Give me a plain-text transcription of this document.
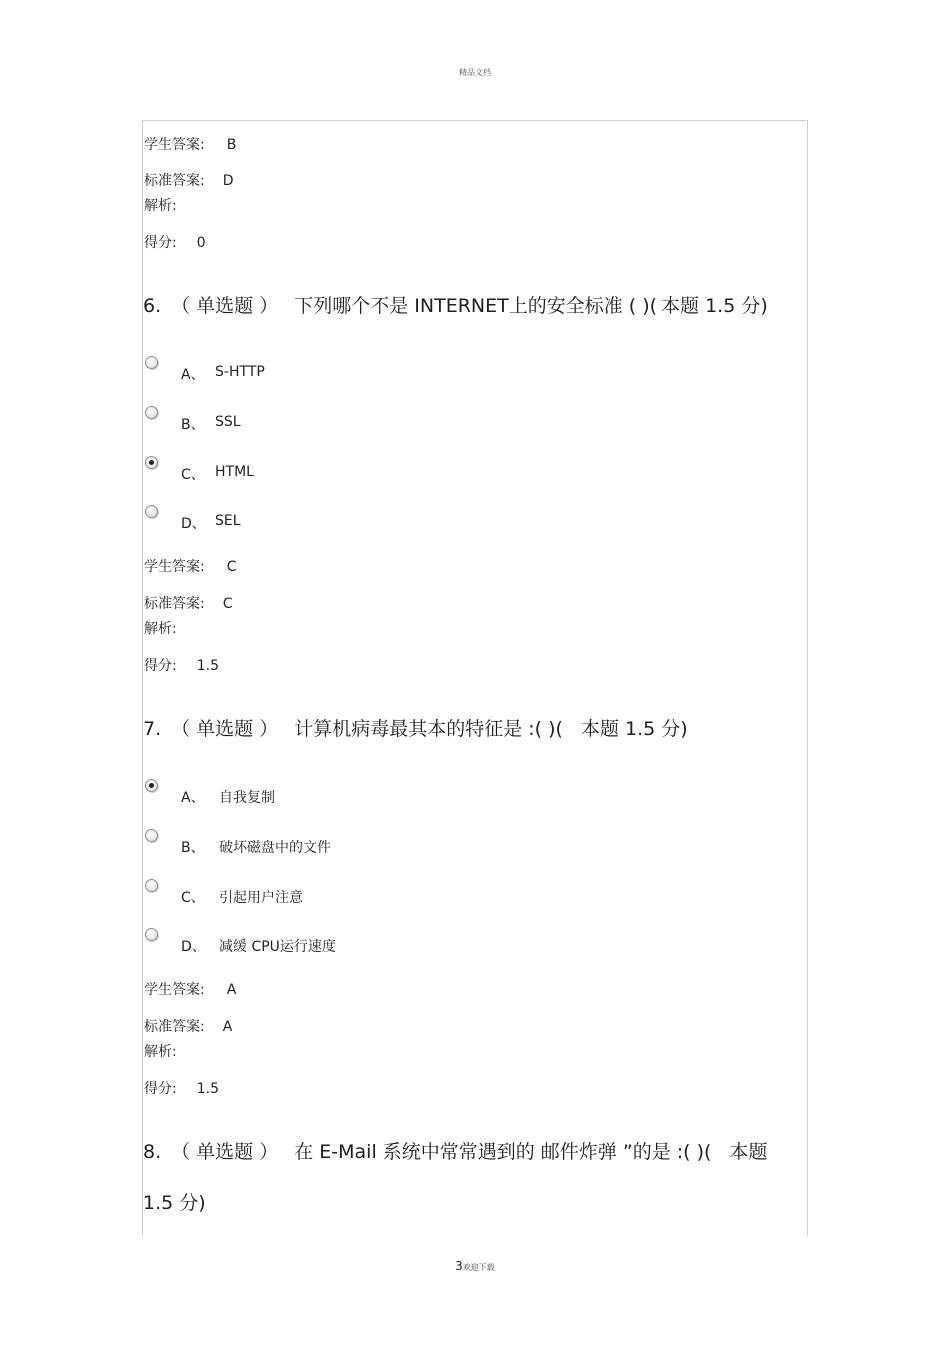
精品文档
学生答案: B
标准答案: D
解析:
得分: 0
6. （ 单选题 ） 下列哪个不是 INTERNET上的安全标准 ( )( 本题 1.5 分)
A、 S-HTTP
B、 SSL
C、 HTML
D、 SEL
学生答案: C
标准答案: C
解析:
得分: 1.5
7. （ 单选题 ） 计算机病毒最其本的特征是 :( )( 本题 1.5 分)
A、 自我复制
B、 破坏磁盘中的文件
C、 引起用户注意
D、 减缓 CPU运行速度
学生答案: A
标准答案: A
解析:
得分: 1.5
8. （ 单选题 ） 在 E-Mail 系统中常常遇到的 邮件炸弹 ”的是 :( )( 本题
1.5 分)
3欢迎下载
